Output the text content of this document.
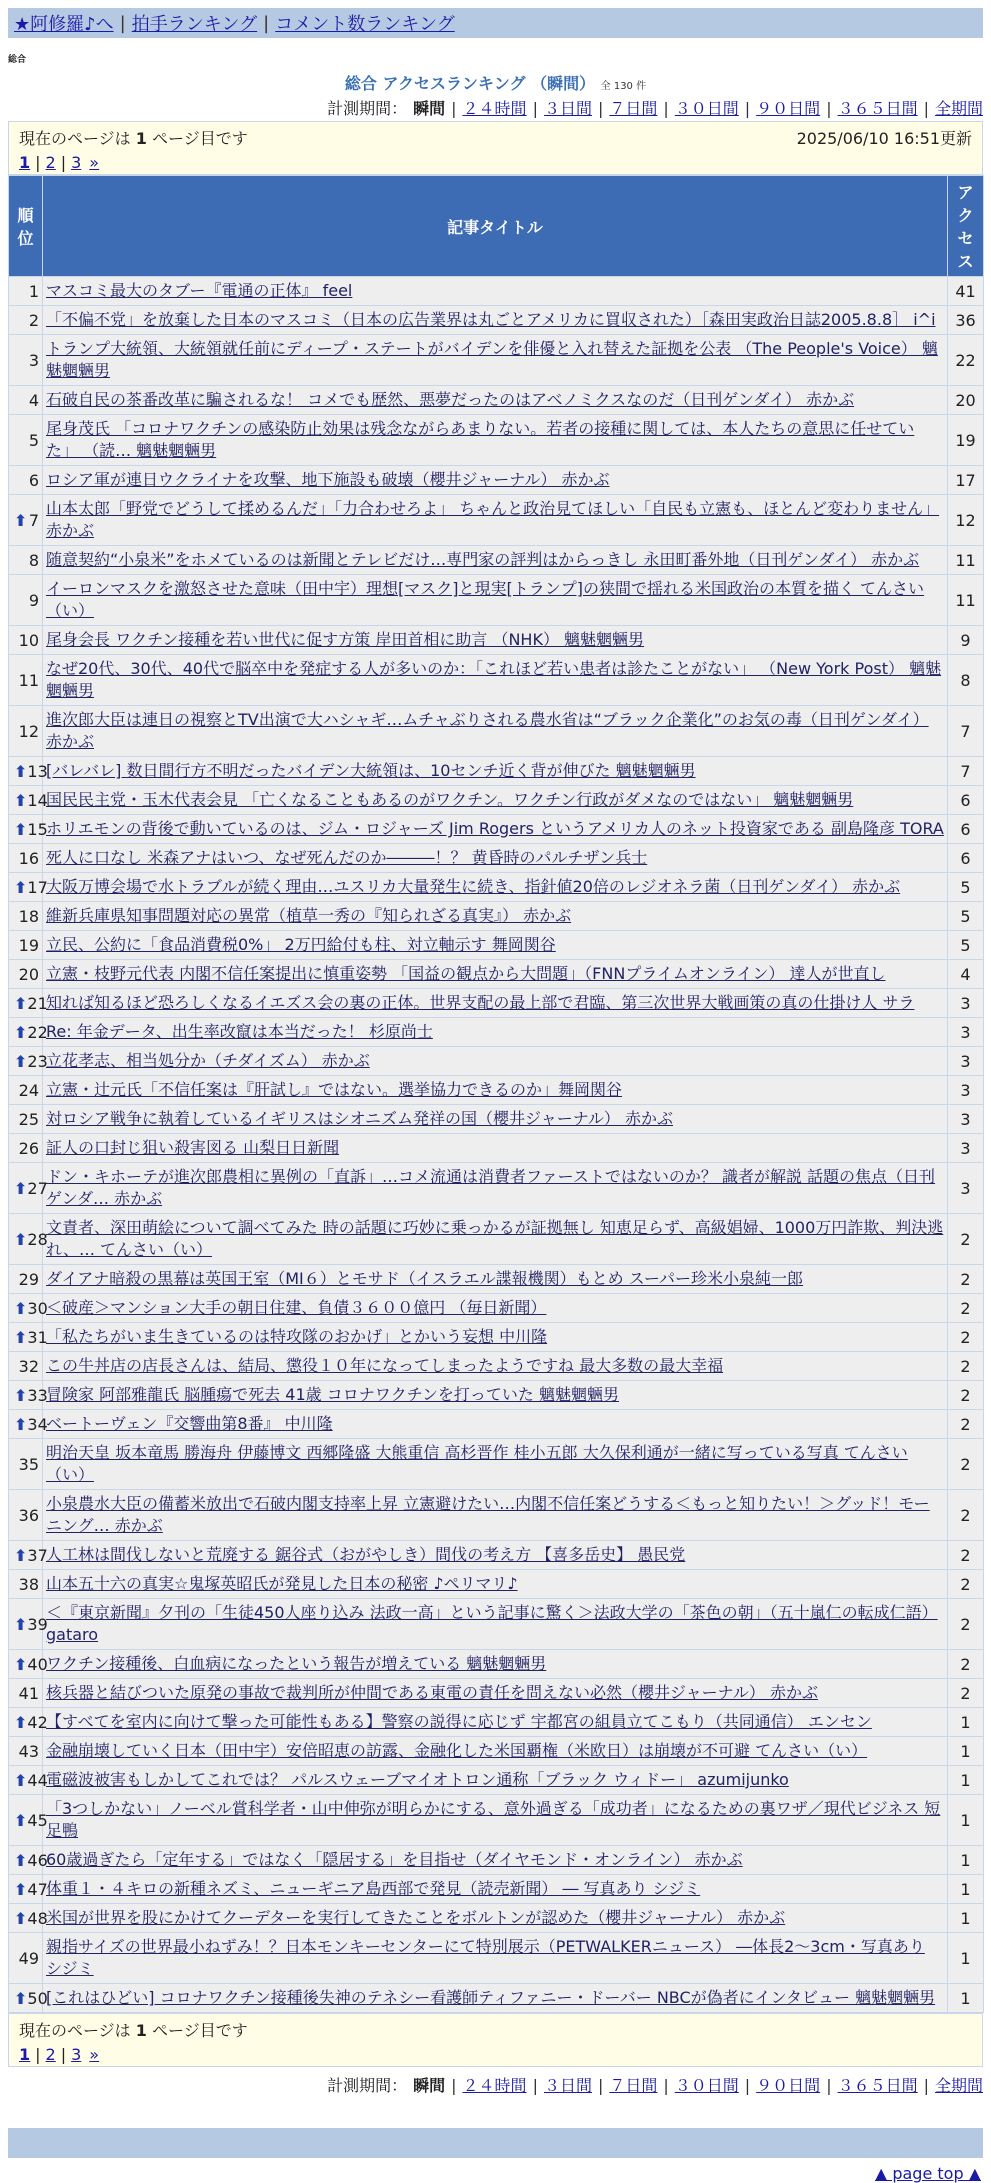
★阿修羅♪へ | 拍手ランキング | コメント数ランキング
総合
総合 アクセスランキング （瞬間） 全 130 件
計測期間： 瞬間 | ２４時間 | ３日間 | ７日間 | ３０日間 | ９０日間 | ３６５日間 | 全期間
現在のページは 1 ページ目です	2025/06/10 16:51更新
1 | 2 | 3 »
順位	記事タイトル	アクセス
1	マスコミ最大のタブー『電通の正体』 feel	41
2	「不偏不党」を放棄した日本のマスコミ（日本の広告業界は丸ごとアメリカに買収された）［森田実政治日誌2005.8.8］ i^i	36
3	トランプ大統領、大統領就任前にディープ・ステートがバイデンを俳優と入れ替えた証拠を公表 （The People's Voice） 魑魅魍魎男	22
4	石破自民の茶番改革に騙されるな！ コメでも歴然、悪夢だったのはアベノミクスなのだ（日刊ゲンダイ） 赤かぶ	20
5	尾身茂氏 「コロナワクチンの感染防止効果は残念ながらあまりない。若者の接種に関しては、本人たちの意思に任せていた」 （読… 魑魅魍魎男	19
6	ロシア軍が連日ウクライナを攻撃、地下施設も破壊（櫻井ジャーナル） 赤かぶ	17

⬆ 7	山本太郎「野党でどうして揉めるんだ」「力合わせろよ」 ちゃんと政治見てほしい「自民も立憲も、ほとんど変わりません」 赤かぶ	12
8	随意契約“小泉米”をホメているのは新聞とテレビだけ…専門家の評判はからっきし 永田町番外地（日刊ゲンダイ） 赤かぶ	11
9	イーロンマスクを激怒させた意味（田中宇）理想[マスク]と現実[トランプ]の狭間で揺れる米国政治の本質を描く てんさい（い）	11
10	尾身会長 ワクチン接種を若い世代に促す方策 岸田首相に助言 （NHK） 魑魅魍魎男	9
11	なぜ20代、30代、40代で脳卒中を発症する人が多いのか：「これほど若い患者は診たことがない」 （New York Post） 魑魅魍魎男	8
12	進次郎大臣は連日の視察とTV出演で大ハシャギ…ムチャぶりされる農水省は“ブラック企業化”のお気の毒（日刊ゲンダイ） 赤かぶ	7

⬆ 13	[バレバレ] 数日間行方不明だったバイデン大統領は、10センチ近く背が伸びた 魑魅魍魎男	7

⬆ 14	国民民主党・玉木代表会見 「亡くなることもあるのがワクチン。ワクチン行政がダメなのではない」 魑魅魍魎男	6

⬆ 15	ホリエモンの背後で動いているのは、ジム・ロジャーズ Jim Rogers というアメリカ人のネット投資家である 副島隆彦 TORA	6
16	死人に口なし 米森アナはいつ、なぜ死んだのか―――！？ 黄昏時のパルチザン兵士	6

⬆ 17	大阪万博会場で水トラブルが続く理由…ユスリカ大量発生に続き、指針値20倍のレジオネラ菌（日刊ゲンダイ） 赤かぶ	5
18	維新兵庫県知事問題対応の異常（植草一秀の『知られざる真実』） 赤かぶ	5
19	立民、公約に「食品消費税0%」 2万円給付も柱、対立軸示す 舞岡関谷	5
20	立憲・枝野元代表 内閣不信任案提出に慎重姿勢 「国益の観点から大問題」（FNNプライムオンライン） 達人が世直し	4

⬆ 21	知れば知るほど恐ろしくなるイエズス会の裏の正体。世界支配の最上部で君臨、第三次世界大戦画策の真の仕掛け人 サラ	3

⬆ 22	Re: 年金データ、出生率改竄は本当だった！ 杉原尚士	3

⬆ 23	立花孝志、相当処分か（チダイズム） 赤かぶ	3
24	立憲・辻元氏「不信任案は『肝試し』ではない。選挙協力できるのか」舞岡関谷	3
25	対ロシア戦争に執着しているイギリスはシオニズム発祥の国（櫻井ジャーナル） 赤かぶ	3
26	証人の口封じ狙い殺害図る 山梨日日新聞	3

⬆ 27	ドン・キホーテが進次郎農相に異例の「直訴」…コメ流通は消費者ファーストではないのか？ 識者が解説 話題の焦点（日刊ゲンダ… 赤かぶ	3

⬆ 28	文責者、深田萌絵について調べてみた 時の話題に巧妙に乗っかるが証拠無し 知恵足らず、高級娼婦、1000万円詐欺、判決逃れ、… てんさい（い）	2
29	ダイアナ暗殺の黒幕は英国王室（MI６）とモサド（イスラエル諜報機関）もとめ スーパー珍米小泉純一郎	2

⬆ 30	＜破産＞マンション大手の朝日住建、負債３６００億円 （毎日新聞）	2

⬆ 31	「私たちがいま生きているのは特攻隊のおかげ」とかいう妄想 中川隆	2
32	この牛丼店の店長さんは、結局、懲役１０年になってしまったようですね 最大多数の最大幸福	2

⬆ 33	冒険家 阿部雅龍氏 脳腫瘍で死去 41歳 コロナワクチンを打っていた 魑魅魍魎男	2

⬆ 34	ベートーヴェン『交響曲第8番』 中川隆	2
35	明治天皇 坂本竜馬 勝海舟 伊藤博文 西郷隆盛 大熊重信 高杉晋作 桂小五郎 大久保利通が一緒に写っている写真 てんさい（い）	2
36	小泉農水大臣の備蓄米放出で石破内閣支持率上昇 立憲避けたい…内閣不信任案どうする＜もっと知りたい！＞グッド！モーニング… 赤かぶ	2

⬆ 37	人工林は間伐しないと荒廃する 鋸谷式（おがやしき）間伐の考え方 【喜多岳史】 愚民党	2
38	山本五十六の真実☆鬼塚英昭氏が発見した日本の秘密 ♪ペリマリ♪	2

⬆ 39	＜『東京新聞』夕刊の「生徒450人座り込み 法政一高」という記事に驚く＞法政大学の「茶色の朝」（五十嵐仁の転成仁語） gataro	2

⬆ 40	ワクチン接種後、白血病になったという報告が増えている 魑魅魍魎男	2
41	核兵器と結びついた原発の事故で裁判所が仲間である東電の責任を問えない必然（櫻井ジャーナル） 赤かぶ	2

⬆ 42	【すべてを室内に向けて撃った可能性もある】警察の説得に応じず 宇都宮の組員立てこもり（共同通信） エンセン	1
43	金融崩壊していく日本（田中宇）安倍昭恵の訪露、金融化した米国覇権（米欧日）は崩壊が不可避 てんさい（い）	1

⬆ 44	電磁波被害もしかしてこれでは？ パルスウェーブマイオトロン通称「ブラック ウィドー」 azumijunko	1

⬆ 45	「3つしかない」ノーベル賞科学者・山中伸弥が明らかにする、意外過ぎる「成功者」になるための裏ワザ／現代ビジネス 短足鴨	1

⬆ 46	60歳過ぎたら「定年する」ではなく「隠居する」を目指せ（ダイヤモンド・オンライン） 赤かぶ	1

⬆ 47	体重１・４キロの新種ネズミ、ニューギニア島西部で発見（読売新聞） ― 写真あり シジミ	1

⬆ 48	米国が世界を股にかけてクーデターを実行してきたことをボルトンが認めた（櫻井ジャーナル） 赤かぶ	1
49	親指サイズの世界最小ねずみ！？日本モンキーセンターにて特別展示（PETWALKERニュース） ―体長2～3cm・写真あり シジミ	1

⬆ 50	[これはひどい] コロナワクチン接種後失神のテネシー看護師ティファニー・ドーバー NBCが偽者にインタビュー 魑魅魍魎男	1
現在のページは 1 ページ目です
1 | 2 | 3 »
計測期間： 瞬間 | ２４時間 | ３日間 | ７日間 | ３０日間 | ９０日間 | ３６５日間 | 全期間
▲ page top ▲
